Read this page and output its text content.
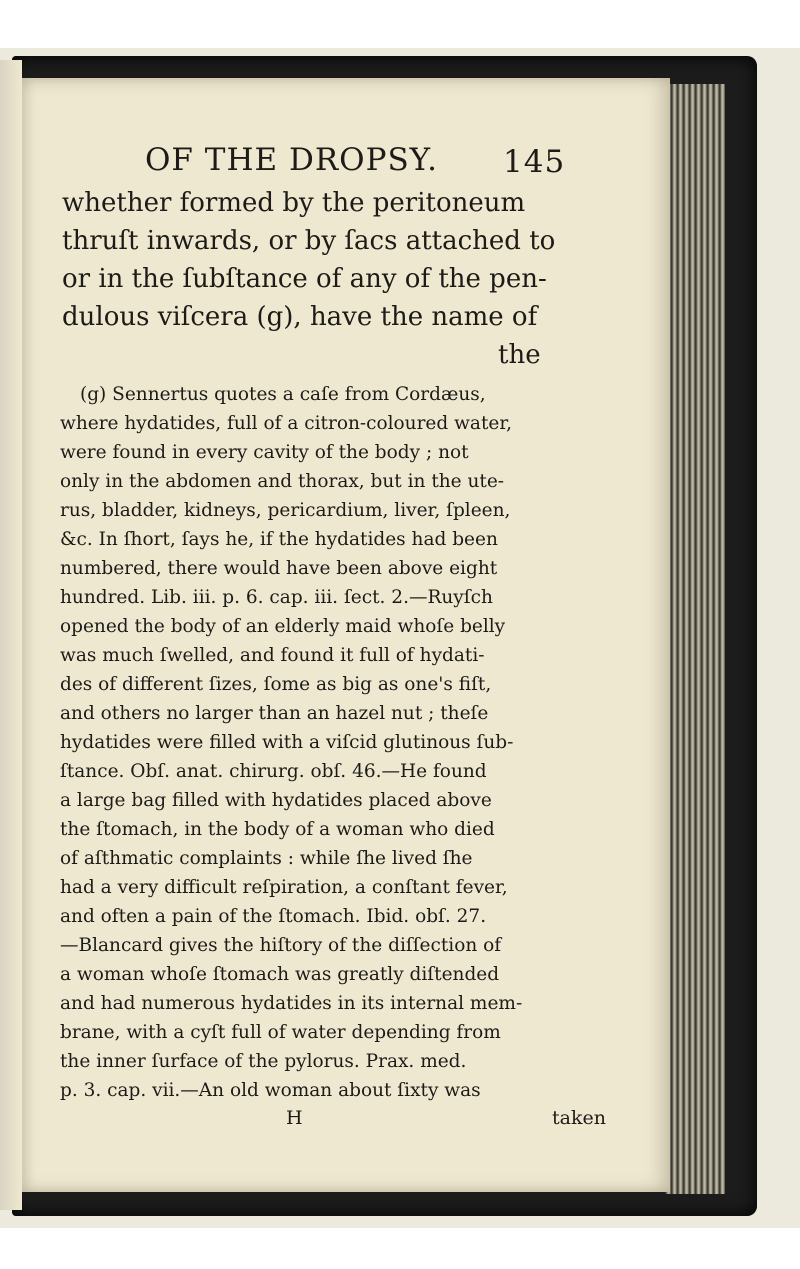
OF THE DROPSY. 145
whether formed by the peritoneum
thruſt inwards, or by ſacs attached to
or in the ſubſtance of any of the pen-
dulous viſcera (g), have the name of
the
(g) Sennertus quotes a caſe from Cordæus,
where hydatides, full of a citron-coloured water,
were found in every cavity of the body ; not
only in the abdomen and thorax, but in the ute-
rus, bladder, kidneys, pericardium, liver, ſpleen,
&c. In ſhort, ſays he, if the hydatides had been
numbered, there would have been above eight
hundred. Lib. iii. p. 6. cap. iii. ſect. 2.—Ruyſch
opened the body of an elderly maid whoſe belly
was much ſwelled, and found it full of hydati-
des of different ſizes, ſome as big as one's fiſt,
and others no larger than an hazel nut ; theſe
hydatides were filled with a viſcid glutinous ſub-
ſtance. Obſ. anat. chirurg. obſ. 46.—He found
a large bag filled with hydatides placed above
the ſtomach, in the body of a woman who died
of aſthmatic complaints : while ſhe lived ſhe
had a very difficult reſpiration, a conſtant fever,
and often a pain of the ſtomach. Ibid. obſ. 27.
—Blancard gives the hiſtory of the diſſection of
a woman whoſe ſtomach was greatly diſtended
and had numerous hydatides in its internal mem-
brane, with a cyſt full of water depending from
the inner ſurface of the pylorus. Prax. med.
p. 3. cap. vii.—An old woman about ſixty was
H	taken
